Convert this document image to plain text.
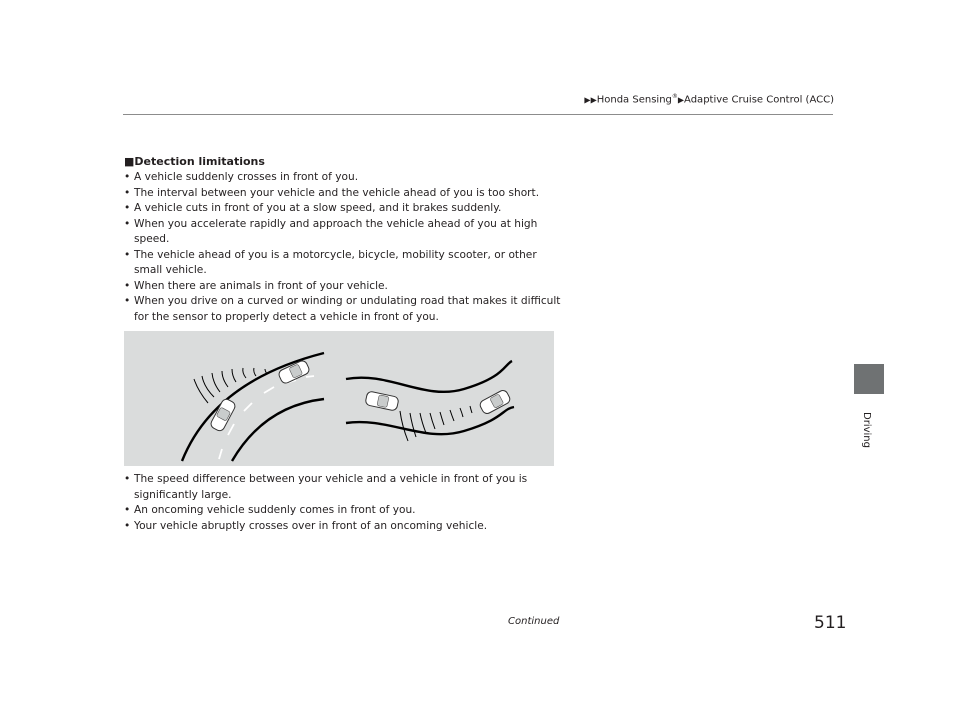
▶▶Honda Sensing®▶Adaptive Cruise Control (ACC)
Driving
■Detection limitations
• A vehicle suddenly crosses in front of you.
• The interval between your vehicle and the vehicle ahead of you is too short.
• A vehicle cuts in front of you at a slow speed, and it brakes suddenly.
• When you accelerate rapidly and approach the vehicle ahead of you at high speed.
• The vehicle ahead of you is a motorcycle, bicycle, mobility scooter, or other small vehicle.
• When there are animals in front of your vehicle.
• When you drive on a curved or winding or undulating road that makes it difficult for the sensor to properly detect a vehicle in front of you.
• The speed difference between your vehicle and a vehicle in front of you is significantly large.
• An oncoming vehicle suddenly comes in front of you.
• Your vehicle abruptly crosses over in front of an oncoming vehicle.
Continued	511
